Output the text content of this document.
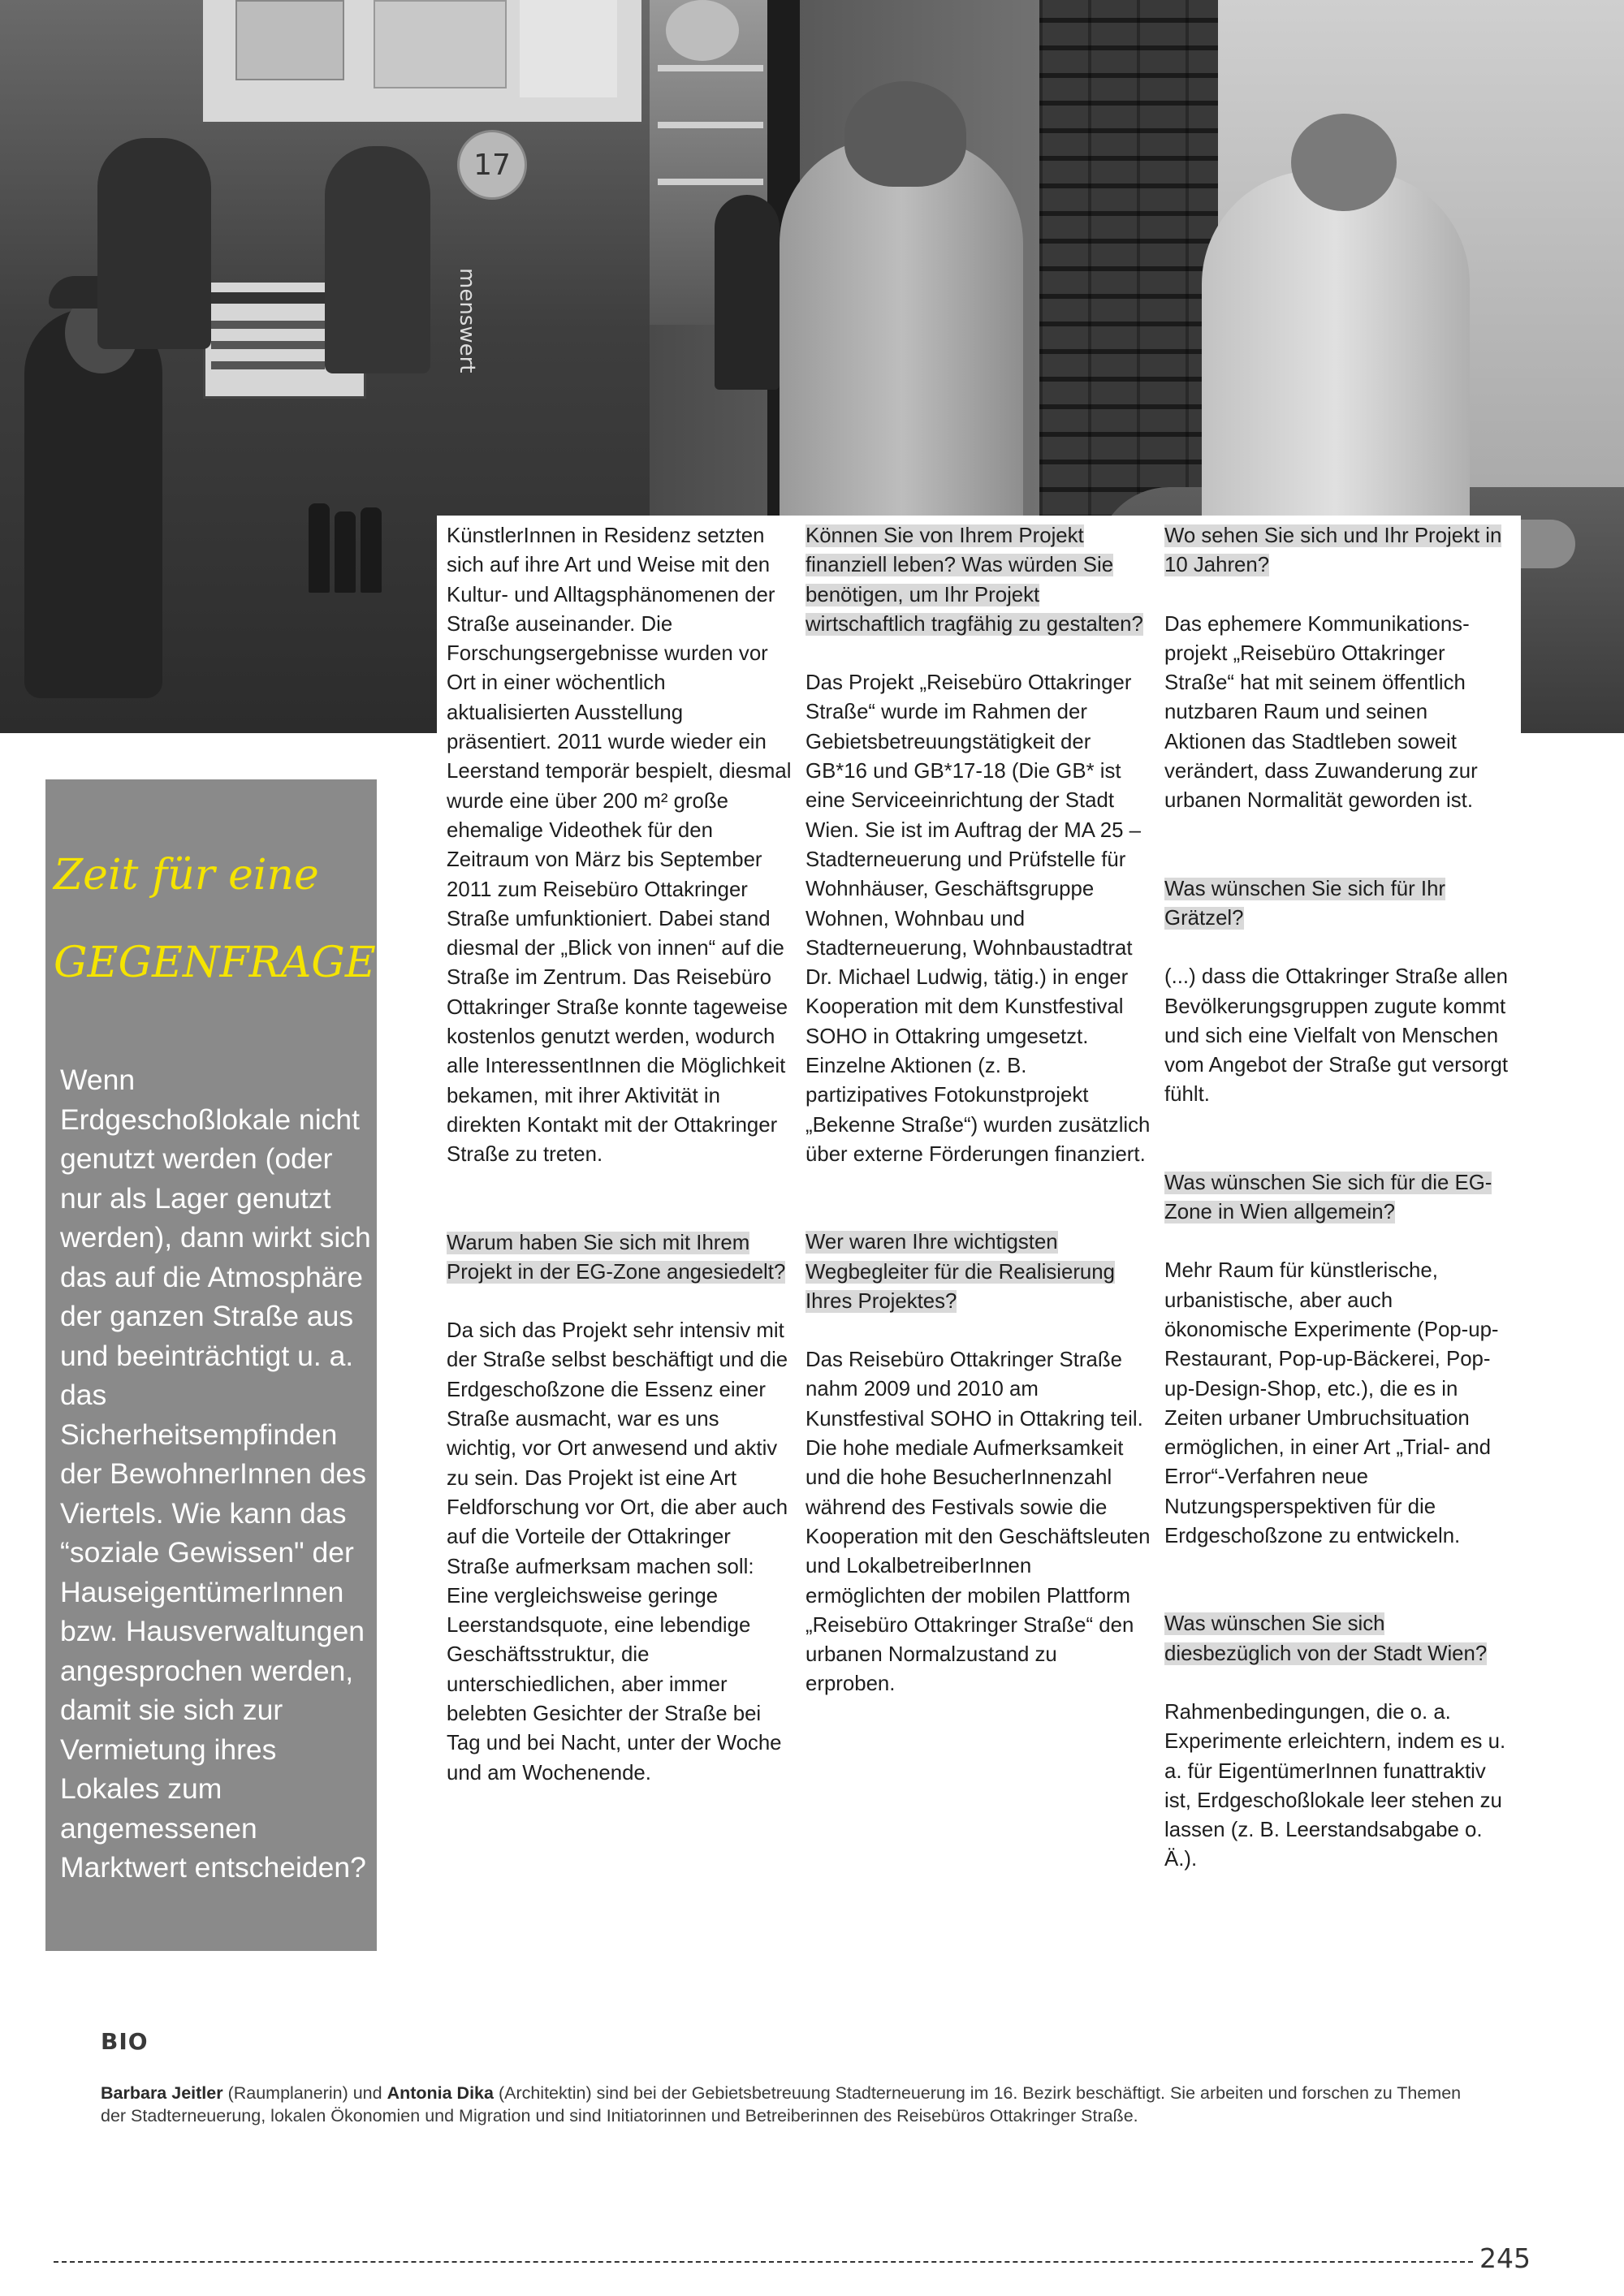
17
menswert
Zeit für eine
GEGENFRAGE
Wenn Erdgeschoßlokale nicht genutzt werden (oder nur als Lager genutzt werden), dann wirkt sich das auf die Atmosphäre der ganzen Straße aus und beeinträchtigt u. a. das Sicherheitsempfinden der BewohnerInnen des Viertels. Wie kann das “soziale Gewissen" der HauseigentümerInnen bzw. Hausverwaltungen angesprochen werden, damit sie sich zur Vermietung ihres Lokales zum angemessenen Marktwert entscheiden?

KünstlerInnen in Residenz setzten sich auf ihre Art und Weise mit den Kultur- und Alltagsphänomenen der Straße auseinander. Die Forschungsergebnisse wurden vor Ort in einer wöchentlich aktualisierten Ausstellung präsentiert. 2011 wurde wieder ein Leerstand temporär bespielt, diesmal wurde eine über 200 m² große ehemalige Videothek für den Zeitraum von März bis September 2011 zum Reisebüro Ottakringer Straße umfunktioniert. Dabei stand diesmal der „Blick von innen“ auf die Straße im Zentrum. Das Reisebüro Ottakringer Straße konnte tageweise kostenlos genutzt werden, wodurch alle InteressentInnen die Möglichkeit bekamen, mit ihrer Aktivität in direkten Kontakt mit der Ottakringer Straße zu treten.

Warum haben Sie sich mit Ihrem Projekt in der EG-Zone angesiedelt?

Da sich das Projekt sehr intensiv mit der Straße selbst beschäftigt und die Erdgeschoßzone die Essenz einer Straße ausmacht, war es uns wichtig, vor Ort anwesend und aktiv zu sein. Das Projekt ist eine Art Feldforschung vor Ort, die aber auch auf die Vorteile der Ottakringer Straße aufmerksam machen soll: Eine vergleichsweise geringe Leerstandsquote, eine lebendige Geschäftsstruktur, die unterschiedlichen, aber immer belebten Gesichter der Straße bei Tag und bei Nacht, unter der Woche und am Wochenende.

Können Sie von Ihrem Projekt finanziell leben? Was würden Sie benötigen, um Ihr Projekt wirtschaftlich tragfähig zu gestalten?

Das Projekt „Reisebüro Ottakringer Straße“ wurde im Rahmen der Gebietsbetreuungstätigkeit der GB*16 und GB*17-18 (Die GB* ist eine Serviceeinrichtung der Stadt Wien. Sie ist im Auftrag der MA 25 – Stadterneuerung und Prüfstelle für Wohnhäuser, Geschäftsgruppe Wohnen, Wohnbau und Stadterneuerung, Wohnbaustadtrat Dr. Michael Ludwig, tätig.) in enger Kooperation mit dem Kunstfestival SOHO in Ottakring umgesetzt. Einzelne Aktionen (z. B. partizipatives Fotokunstprojekt „Bekenne Straße“) wurden zusätzlich über externe Förderungen finanziert.

Wer waren Ihre wichtigsten Wegbegleiter für die Realisierung Ihres Projektes?

Das Reisebüro Ottakringer Straße nahm 2009 und 2010 am Kunstfestival SOHO in Ottakring teil. Die hohe mediale Aufmerksamkeit und die hohe BesucherInnenzahl während des Festivals sowie die Kooperation mit den Geschäftsleuten und LokalbetreiberInnen ermöglichten der mobilen Plattform „Reisebüro Ottakringer Straße“ den urbanen Normalzustand zu erproben.

Wo sehen Sie sich und Ihr Projekt in 10 Jahren?

Das ephemere Kommunikations-projekt „Reisebüro Ottakringer Straße“ hat mit seinem öffentlich nutzbaren Raum und seinen Aktionen das Stadtleben soweit verändert, dass Zuwanderung zur urbanen Normalität geworden ist.

Was wünschen Sie sich für Ihr Grätzel?

(...) dass die Ottakringer Straße allen Bevölkerungsgruppen zugute kommt und sich eine Vielfalt von Menschen vom Angebot der Straße gut versorgt fühlt.

Was wünschen Sie sich für die EG-Zone in Wien allgemein?

Mehr Raum für künstlerische, urbanistische, aber auch ökonomische Experimente (Pop-up-Restaurant, Pop-up-Bäckerei, Pop-up-Design-Shop, etc.), die es in Zeiten urbaner Umbruchsituation ermöglichen, in einer Art „Trial- and Error“-Verfahren neue Nutzungsperspektiven für die Erdgeschoßzone zu entwickeln.

Was wünschen Sie sich diesbezüglich von der Stadt Wien?

Rahmenbedingungen, die o. a. Experimente erleichtern, indem es u. a. für EigentümerInnen funattraktiv ist, Erdgeschoßlokale leer stehen zu lassen (z. B. Leerstandsabgabe o. Ä.).

BIO
Barbara Jeitler (Raumplanerin) und Antonia Dika (Architektin) sind bei der Gebietsbetreuung Stadterneuerung im 16. Bezirk beschäftigt. Sie arbeiten und forschen zu Themen der Stadterneuerung, lokalen Ökonomien und Migration und sind Initiatorinnen und Betreiberinnen des Reisebüros Ottakringer Straße.
245
